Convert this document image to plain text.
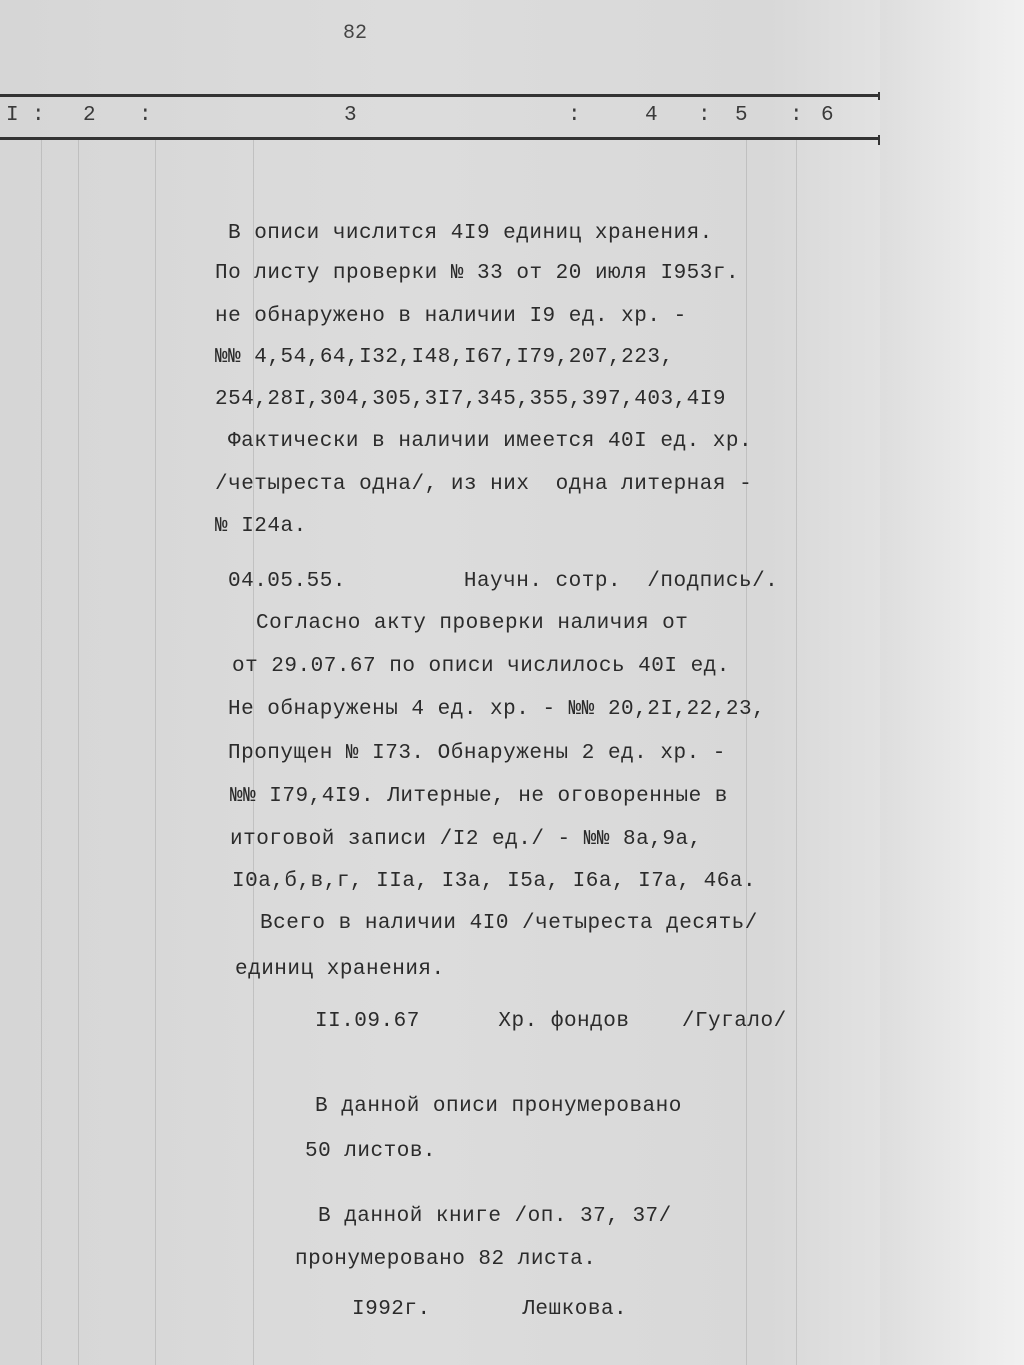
82
I : 2 :	3	:	4 : 5 : 6
В описи числится 4I9 единиц хранения.
По листу проверки № 33 от 20 июля I953г.
не обнаружено в наличии I9 ед. хр. -
№№ 4,54,64,I32,I48,I67,I79,207,223,
254,28I,304,305,3I7,345,355,397,403,4I9
Фактически в наличии имеется 40I ед. хр.
/четыреста одна/, из них  одна литерная -
№ I24а.
04.05.55.         Научн. сотр.  /подпись/.
Согласно акту проверки наличия от
от 29.07.67 по описи числилось 40I ед.
Не обнаружены 4 ед. хр. - №№ 20,2I,22,23,
Пропущен № I73. Обнаружены 2 ед. хр. -
№№ I79,4I9. Литерные, не оговоренные в
итоговой записи /I2 ед./ - №№ 8а,9а,
I0а,б,в,г, IIа, I3а, I5а, I6а, I7а, 46а.
Всего в наличии 4I0 /четыреста десять/
единиц хранения.
II.09.67      Хр. фондов    /Гугало/
В данной описи пронумеровано
50 листов.
В данной книге /оп. 37, 37/
пронумеровано 82 листа.
I992г.       Лешкова.
